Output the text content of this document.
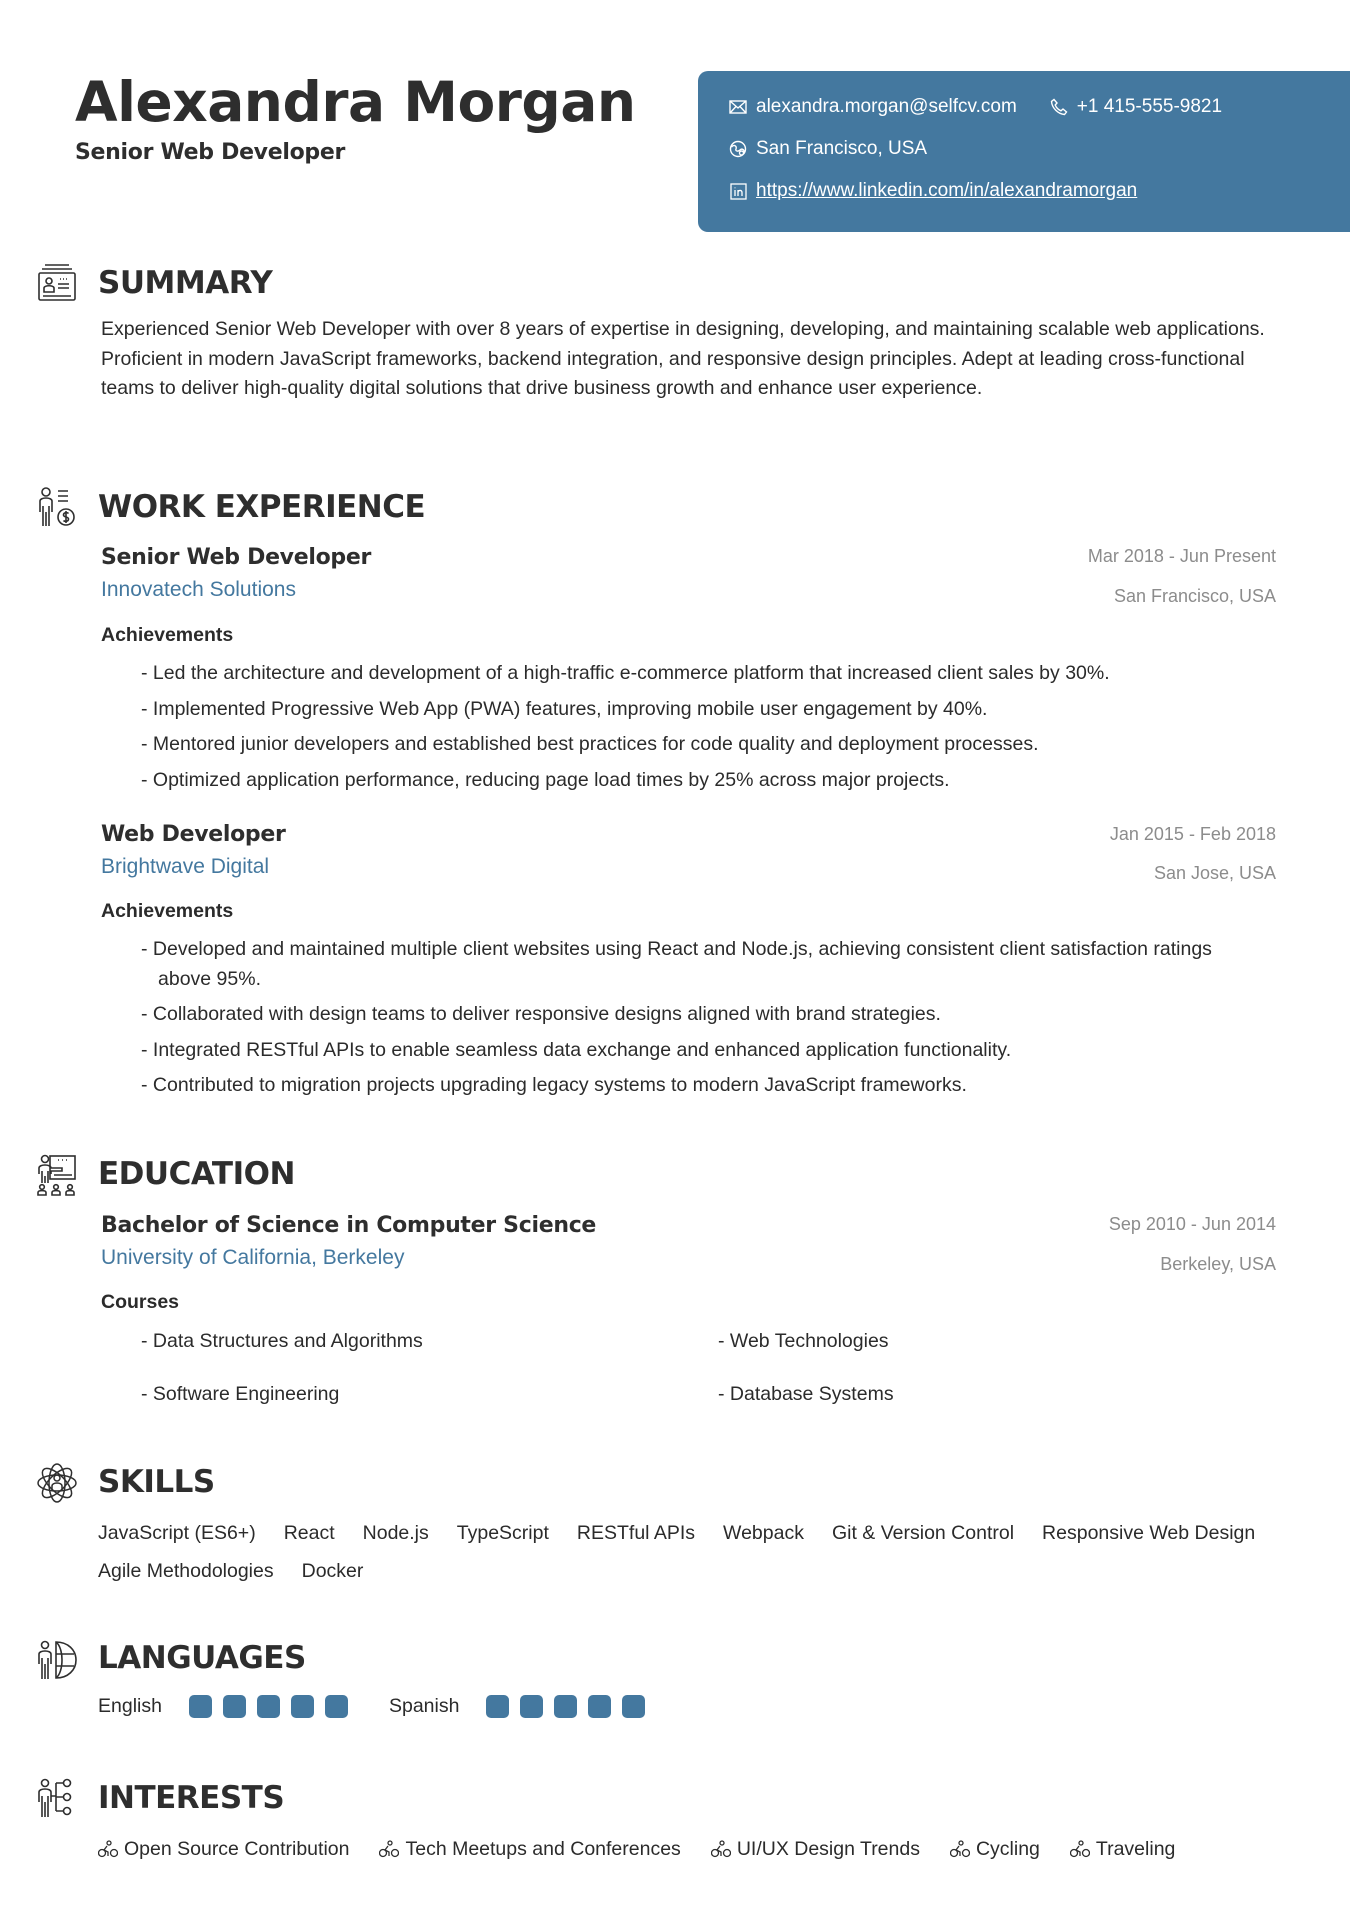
Alexandra Morgan
Senior Web Developer
alexandra.morgan@selfcv.com	+1 415-555-9821
San Francisco, USA
https://www.linkedin.com/in/alexandramorgan
SUMMARY
Experienced Senior Web Developer with over 8 years of expertise in designing, developing, and maintaining scalable web applications. Proficient in modern JavaScript frameworks, backend integration, and responsive design principles. Adept at leading cross-functional teams to deliver high-quality digital solutions that drive business growth and enhance user experience.
WORK EXPERIENCE
Senior Web Developer	Mar 2018 - Jun Present
Innovatech Solutions	San Francisco, USA
Achievements
- Led the architecture and development of a high-traffic e-commerce platform that increased client sales by 30%.
- Implemented Progressive Web App (PWA) features, improving mobile user engagement by 40%.
- Mentored junior developers and established best practices for code quality and deployment processes.
- Optimized application performance, reducing page load times by 25% across major projects.
Web Developer	Jan 2015 - Feb 2018
Brightwave Digital	San Jose, USA
Achievements
- Developed and maintained multiple client websites using React and Node.js, achieving consistent client satisfaction ratings above 95%.
- Collaborated with design teams to deliver responsive designs aligned with brand strategies.
- Integrated RESTful APIs to enable seamless data exchange and enhanced application functionality.
- Contributed to migration projects upgrading legacy systems to modern JavaScript frameworks.
EDUCATION
Bachelor of Science in Computer Science	Sep 2010 - Jun 2014
University of California, Berkeley	Berkeley, USA
Courses
- Data Structures and Algorithms	- Web Technologies
- Software Engineering	- Database Systems
SKILLS
JavaScript (ES6+) React Node.js TypeScript RESTful APIs Webpack Git & Version Control Responsive Web Design
Agile Methodologies Docker
LANGUAGES
English	Spanish
INTERESTS
Open Source Contribution	Tech Meetups and Conferences	UI/UX Design Trends	Cycling	Traveling
